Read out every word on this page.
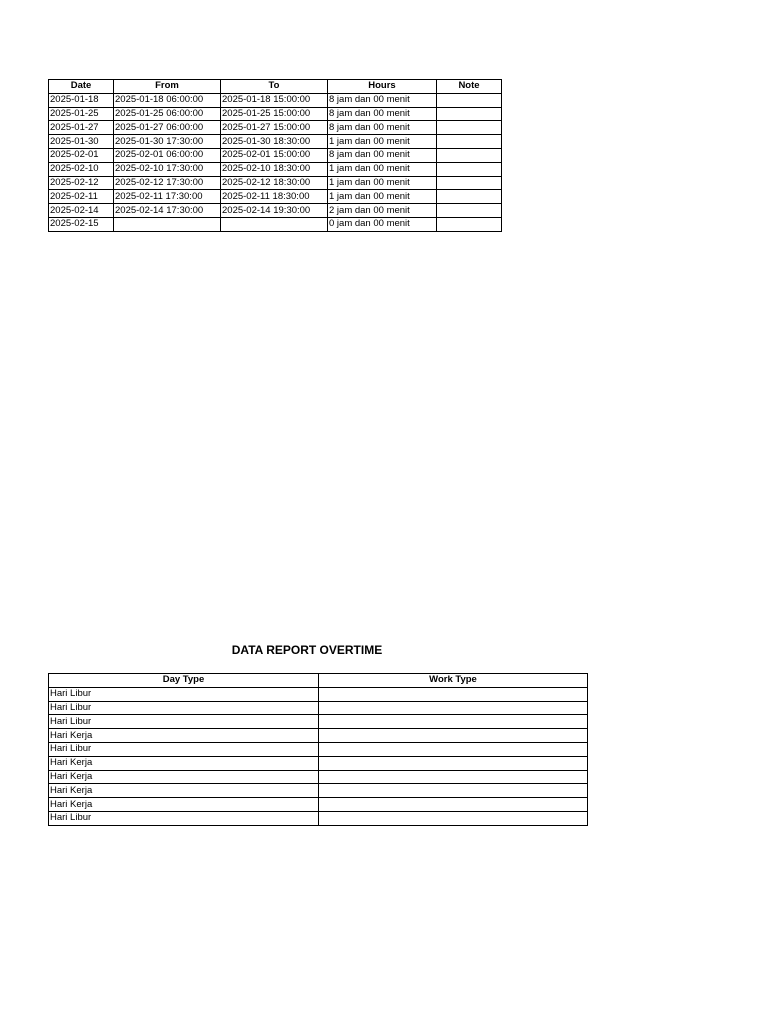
Date	From	To	Hours	Note
2025-01-18	2025-01-18 06:00:00	2025-01-18 15:00:00	8 jam dan 00 menit	
2025-01-25	2025-01-25 06:00:00	2025-01-25 15:00:00	8 jam dan 00 menit	
2025-01-27	2025-01-27 06:00:00	2025-01-27 15:00:00	8 jam dan 00 menit	
2025-01-30	2025-01-30 17:30:00	2025-01-30 18:30:00	1 jam dan 00 menit	
2025-02-01	2025-02-01 06:00:00	2025-02-01 15:00:00	8 jam dan 00 menit	
2025-02-10	2025-02-10 17:30:00	2025-02-10 18:30:00	1 jam dan 00 menit	
2025-02-12	2025-02-12 17:30:00	2025-02-12 18:30:00	1 jam dan 00 menit	
2025-02-11	2025-02-11 17:30:00	2025-02-11 18:30:00	1 jam dan 00 menit	
2025-02-14	2025-02-14 17:30:00	2025-02-14 19:30:00	2 jam dan 00 menit	
2025-02-15			0 jam dan 00 menit	
DATA REPORT OVERTIME
Day Type	Work Type
Hari Libur	
Hari Libur	
Hari Libur	
Hari Kerja	
Hari Libur	
Hari Kerja	
Hari Kerja	
Hari Kerja	
Hari Kerja	
Hari Libur	
